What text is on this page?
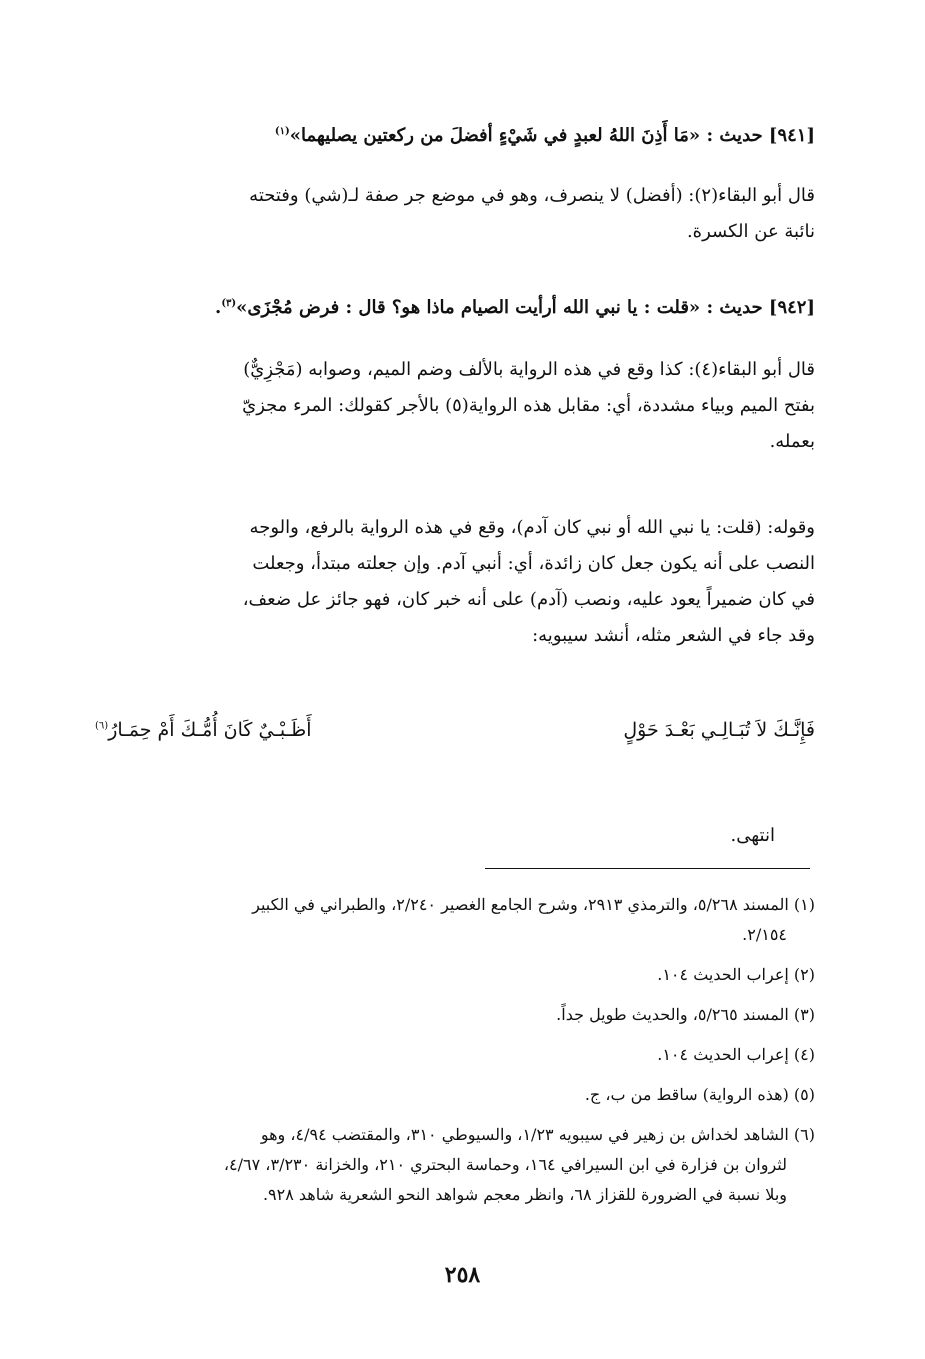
[٩٤١] حديث : «مَا أَذِنَ اللهُ لعبدٍ في شَيْءٍ أفضلَ من ركعتين يصليهما»$^{(١)}$
قال أبو البقاء(٢): (أفضل) لا ينصرف، وهو في موضع جر صفة لـ(شي) وفتحته
نائبة عن الكسرة.
[٩٤٢] حديث : «قلت : يا نبي الله أرأيت الصيام ماذا هو؟ قال : فرض مُجْزَى»$^{(٣)}$.
قال أبو البقاء(٤): كذا وقع في هذه الرواية بالألف وضم الميم، وصوابه (مَجْزِيٌّ)
بفتح الميم وبياء مشددة، أي: مقابل هذه الرواية(٥) بالأجر كقولك: المرء مجزيّ
بعمله.
وقوله: (قلت: يا نبي الله أو نبي كان آدم)، وقع في هذه الرواية بالرفع، والوجه
النصب على أنه يكون جعل كان زائدة، أي: أنبي آدم. وإن جعلته مبتدأ، وجعلت
في كان ضميراً يعود عليه، ونصب (آدم) على أنه خبر كان، فهو جائز عل ضعف،
وقد جاء في الشعر مثله، أنشد سيبويه:
فَإِنَّـكَ لاَ تُبَـالِـي بَعْـدَ حَوْلٍ
أَظَـبْـيٌ كَانَ أُمُّـكَ أَمْ حِمَـارُ$^{(٦)}$
انتهى.
(١) المسند ٥/٢٦٨، والترمذي ٢٩١٣، وشرح الجامع الغصير ٢/٢٤٠، والطبراني في الكبير
٢/١٥٤.
(٢) إعراب الحديث ١٠٤.
(٣) المسند ٥/٢٦٥، والحديث طويل جداً.
(٤) إعراب الحديث ١٠٤.
(٥) (هذه الرواية) ساقط من ب، ج.
(٦) الشاهد لخداش بن زهير في سيبويه ١/٢٣، والسيوطي ٣١٠، والمقتضب ٤/٩٤، وهو
لثروان بن فزارة في ابن السيرافي ١٦٤، وحماسة البحتري ٢١٠، والخزانة ٣/٢٣٠، ٤/٦٧،
وبلا نسبة في الضرورة للقزاز ٦٨، وانظر معجم شواهد النحو الشعرية شاهد ٩٢٨.
٢٥٨
